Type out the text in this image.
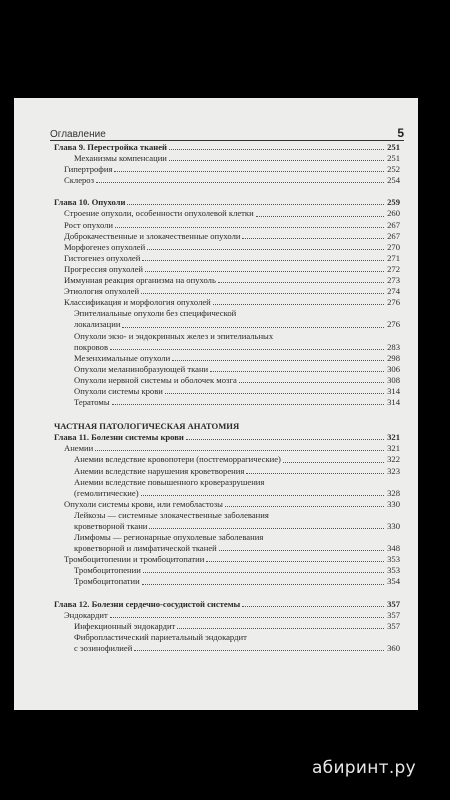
Оглавление	5
Глава 9. Перестройка тканей	251
Механизмы компенсации	251
Гипертрофия	252
Склероз	254
Глава 10. Опухоли	259
Строение опухоли, особенности опухолевой клетки	260
Рост опухоли	267
Доброкачественные и злокачественные опухоли	267
Морфогенез опухолей	270
Гистогенез опухолей	271
Прогрессия опухолей	272
Иммунная реакция организма на опухоль	273
Этиология опухолей	274
Классификация и морфология опухолей	276
Эпителиальные опухоли без специфической
локализации	276
Опухоли экзо- и эндокринных желез и эпителиальных
покровов	283
Мезенхимальные опухоли	298
Опухоли меланинобразующей ткани	306
Опухоли нервной системы и оболочек мозга	308
Опухоли системы крови	314
Тератомы	314
ЧАСТНАЯ ПАТОЛОГИЧЕСКАЯ АНАТОМИЯ
Глава 11. Болезни системы крови	321
Анемии	321
Анемии вследствие кровопотери (постгеморрагические)	322
Анемии вследствие нарушения кроветворения	323
Анемии вследствие повышенного кроверазрушения
(гемолитические)	328
Опухоли системы крови, или гемобластозы	330
Лейкозы — системные злокачественные заболевания
кроветворной ткани	330
Лимфомы — регионарные опухолевые заболевания
кроветворной и лимфатической тканей	348
Тромбоцитопении и тромбоцитопатии	353
Тромбоцитопении	353
Тромбоцитопатии	354
Глава 12. Болезни сердечно-сосудистой системы	357
Эндокардит	357
Инфекционный эндокардит	357
Фибропластический париетальный эндокардит
с эозинофилией	360
абиринт.ру
